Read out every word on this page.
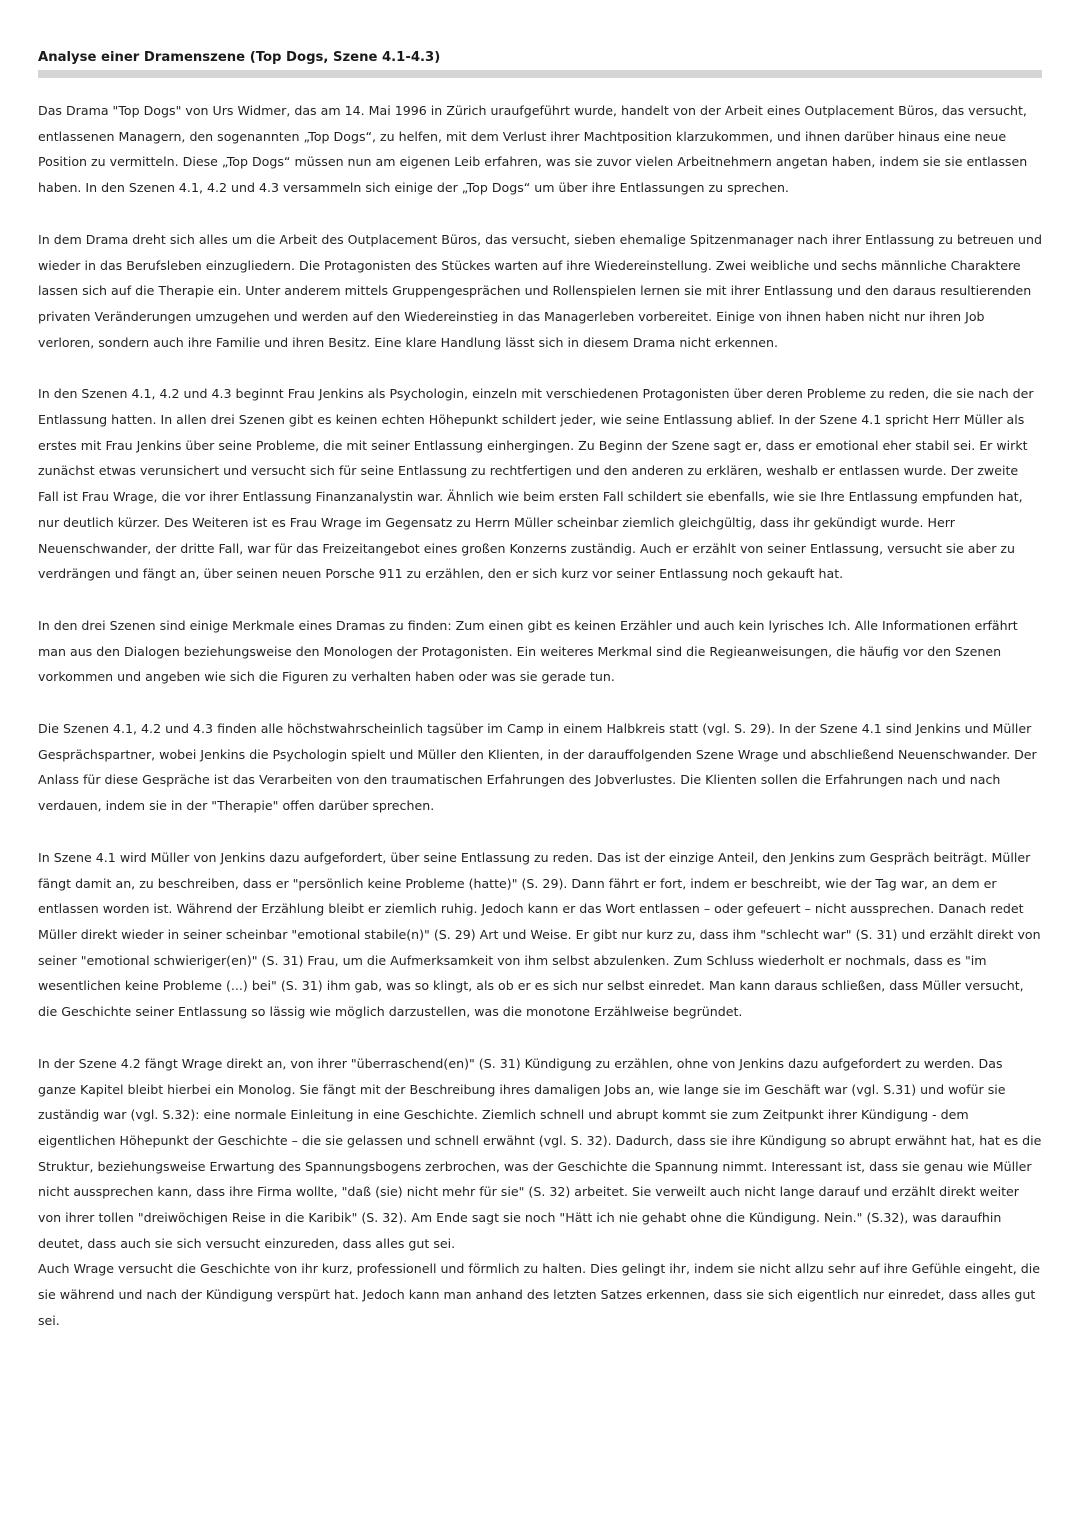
Analyse einer Dramenszene (Top Dogs, Szene 4.1-4.3)

Das Drama "Top Dogs" von Urs Widmer, das am 14. Mai 1996 in Zürich uraufgeführt wurde, handelt von der Arbeit eines Outplacement Büros, das versucht, entlassenen Managern, den sogenannten „Top Dogs“, zu helfen, mit dem Verlust ihrer Machtposition klarzukommen, und ihnen darüber hinaus eine neue Position zu vermitteln. Diese „Top Dogs“ müssen nun am eigenen Leib erfahren, was sie zuvor vielen Arbeitnehmern angetan haben, indem sie sie entlassen haben. In den Szenen 4.1, 4.2 und 4.3 versammeln sich einige der „Top Dogs“ um über ihre Entlassungen zu sprechen.

In dem Drama dreht sich alles um die Arbeit des Outplacement Büros, das versucht, sieben ehemalige Spitzenmanager nach ihrer Entlassung zu betreuen und wieder in das Berufsleben einzugliedern. Die Protagonisten des Stückes warten auf ihre Wiedereinstellung. Zwei weibliche und sechs männliche Charaktere lassen sich auf die Therapie ein. Unter anderem mittels Gruppengesprächen und Rollenspielen lernen sie mit ihrer Entlassung und den daraus resultierenden privaten Veränderungen umzugehen und werden auf den Wiedereinstieg in das Managerleben vorbereitet. Einige von ihnen haben nicht nur ihren Job verloren, sondern auch ihre Familie und ihren Besitz. Eine klare Handlung lässt sich in diesem Drama nicht erkennen.

In den Szenen 4.1, 4.2 und 4.3 beginnt Frau Jenkins als Psychologin, einzeln mit verschiedenen Protagonisten über deren Probleme zu reden, die sie nach der Entlassung hatten. In allen drei Szenen gibt es keinen echten Höhepunkt schildert jeder, wie seine Entlassung ablief. In der Szene 4.1 spricht Herr Müller als erstes mit Frau Jenkins über seine Probleme, die mit seiner Entlassung einhergingen. Zu Beginn der Szene sagt er, dass er emotional eher stabil sei. Er wirkt zunächst etwas verunsichert und versucht sich für seine Entlassung zu rechtfertigen und den anderen zu erklären, weshalb er entlassen wurde. Der zweite Fall ist Frau Wrage, die vor ihrer Entlassung Finanzanalystin war. Ähnlich wie beim ersten Fall schildert sie ebenfalls, wie sie Ihre Entlassung empfunden hat, nur deutlich kürzer. Des Weiteren ist es Frau Wrage im Gegensatz zu Herrn Müller scheinbar ziemlich gleichgültig, dass ihr gekündigt wurde. Herr Neuenschwander, der dritte Fall, war für das Freizeitangebot eines großen Konzerns zuständig. Auch er erzählt von seiner Entlassung, versucht sie aber zu verdrängen und fängt an, über seinen neuen Porsche 911 zu erzählen, den er sich kurz vor seiner Entlassung noch gekauft hat.

In den drei Szenen sind einige Merkmale eines Dramas zu finden: Zum einen gibt es keinen Erzähler und auch kein lyrisches Ich. Alle Informationen erfährt man aus den Dialogen beziehungsweise den Monologen der Protagonisten. Ein weiteres Merkmal sind die Regieanweisungen, die häufig vor den Szenen vorkommen und angeben wie sich die Figuren zu verhalten haben oder was sie gerade tun.

Die Szenen 4.1, 4.2 und 4.3 finden alle höchstwahrscheinlich tagsüber im Camp in einem Halbkreis statt (vgl. S. 29). In der Szene 4.1 sind Jenkins und Müller Gesprächspartner, wobei Jenkins die Psychologin spielt und Müller den Klienten, in der darauffolgenden Szene Wrage und abschließend Neuenschwander. Der Anlass für diese Gespräche ist das Verarbeiten von den traumatischen Erfahrungen des Jobverlustes. Die Klienten sollen die Erfahrungen nach und nach verdauen, indem sie in der "Therapie" offen darüber sprechen.

In Szene 4.1 wird Müller von Jenkins dazu aufgefordert, über seine Entlassung zu reden. Das ist der einzige Anteil, den Jenkins zum Gespräch beiträgt. Müller fängt damit an, zu beschreiben, dass er "persönlich keine Probleme (hatte)" (S. 29). Dann fährt er fort, indem er beschreibt, wie der Tag war, an dem er entlassen worden ist. Während der Erzählung bleibt er ziemlich ruhig. Jedoch kann er das Wort entlassen – oder gefeuert – nicht aussprechen. Danach redet Müller direkt wieder in seiner scheinbar "emotional stabile(n)" (S. 29) Art und Weise. Er gibt nur kurz zu, dass ihm "schlecht war" (S. 31) und erzählt direkt von seiner "emotional schwieriger(en)" (S. 31) Frau, um die Aufmerksamkeit von ihm selbst abzulenken. Zum Schluss wiederholt er nochmals, dass es "im wesentlichen keine Probleme (...) bei" (S. 31) ihm gab, was so klingt, als ob er es sich nur selbst einredet. Man kann daraus schließen, dass Müller versucht, die Geschichte seiner Entlassung so lässig wie möglich darzustellen, was die monotone Erzählweise begründet.

In der Szene 4.2 fängt Wrage direkt an, von ihrer "überraschend(en)" (S. 31) Kündigung zu erzählen, ohne von Jenkins dazu aufgefordert zu werden. Das ganze Kapitel bleibt hierbei ein Monolog. Sie fängt mit der Beschreibung ihres damaligen Jobs an, wie lange sie im Geschäft war (vgl. S.31) und wofür sie zuständig war (vgl. S.32): eine normale Einleitung in eine Geschichte. Ziemlich schnell und abrupt kommt sie zum Zeitpunkt ihrer Kündigung - dem eigentlichen Höhepunkt der Geschichte – die sie gelassen und schnell erwähnt (vgl. S. 32). Dadurch, dass sie ihre Kündigung so abrupt erwähnt hat, hat es die Struktur, beziehungsweise Erwartung des Spannungsbogens zerbrochen, was der Geschichte die Spannung nimmt. Interessant ist, dass sie genau wie Müller nicht aussprechen kann, dass ihre Firma wollte, "daß (sie) nicht mehr für sie" (S. 32) arbeitet. Sie verweilt auch nicht lange darauf und erzählt direkt weiter von ihrer tollen "dreiwöchigen Reise in die Karibik" (S. 32). Am Ende sagt sie noch "Hätt ich nie gehabt ohne die Kündigung. Nein." (S.32), was daraufhin deutet, dass auch sie sich versucht einzureden, dass alles gut sei.
Auch Wrage versucht die Geschichte von ihr kurz, professionell und förmlich zu halten. Dies gelingt ihr, indem sie nicht allzu sehr auf ihre Gefühle eingeht, die sie während und nach der Kündigung verspürt hat. Jedoch kann man anhand des letzten Satzes erkennen, dass sie sich eigentlich nur einredet, dass alles gut sei.
